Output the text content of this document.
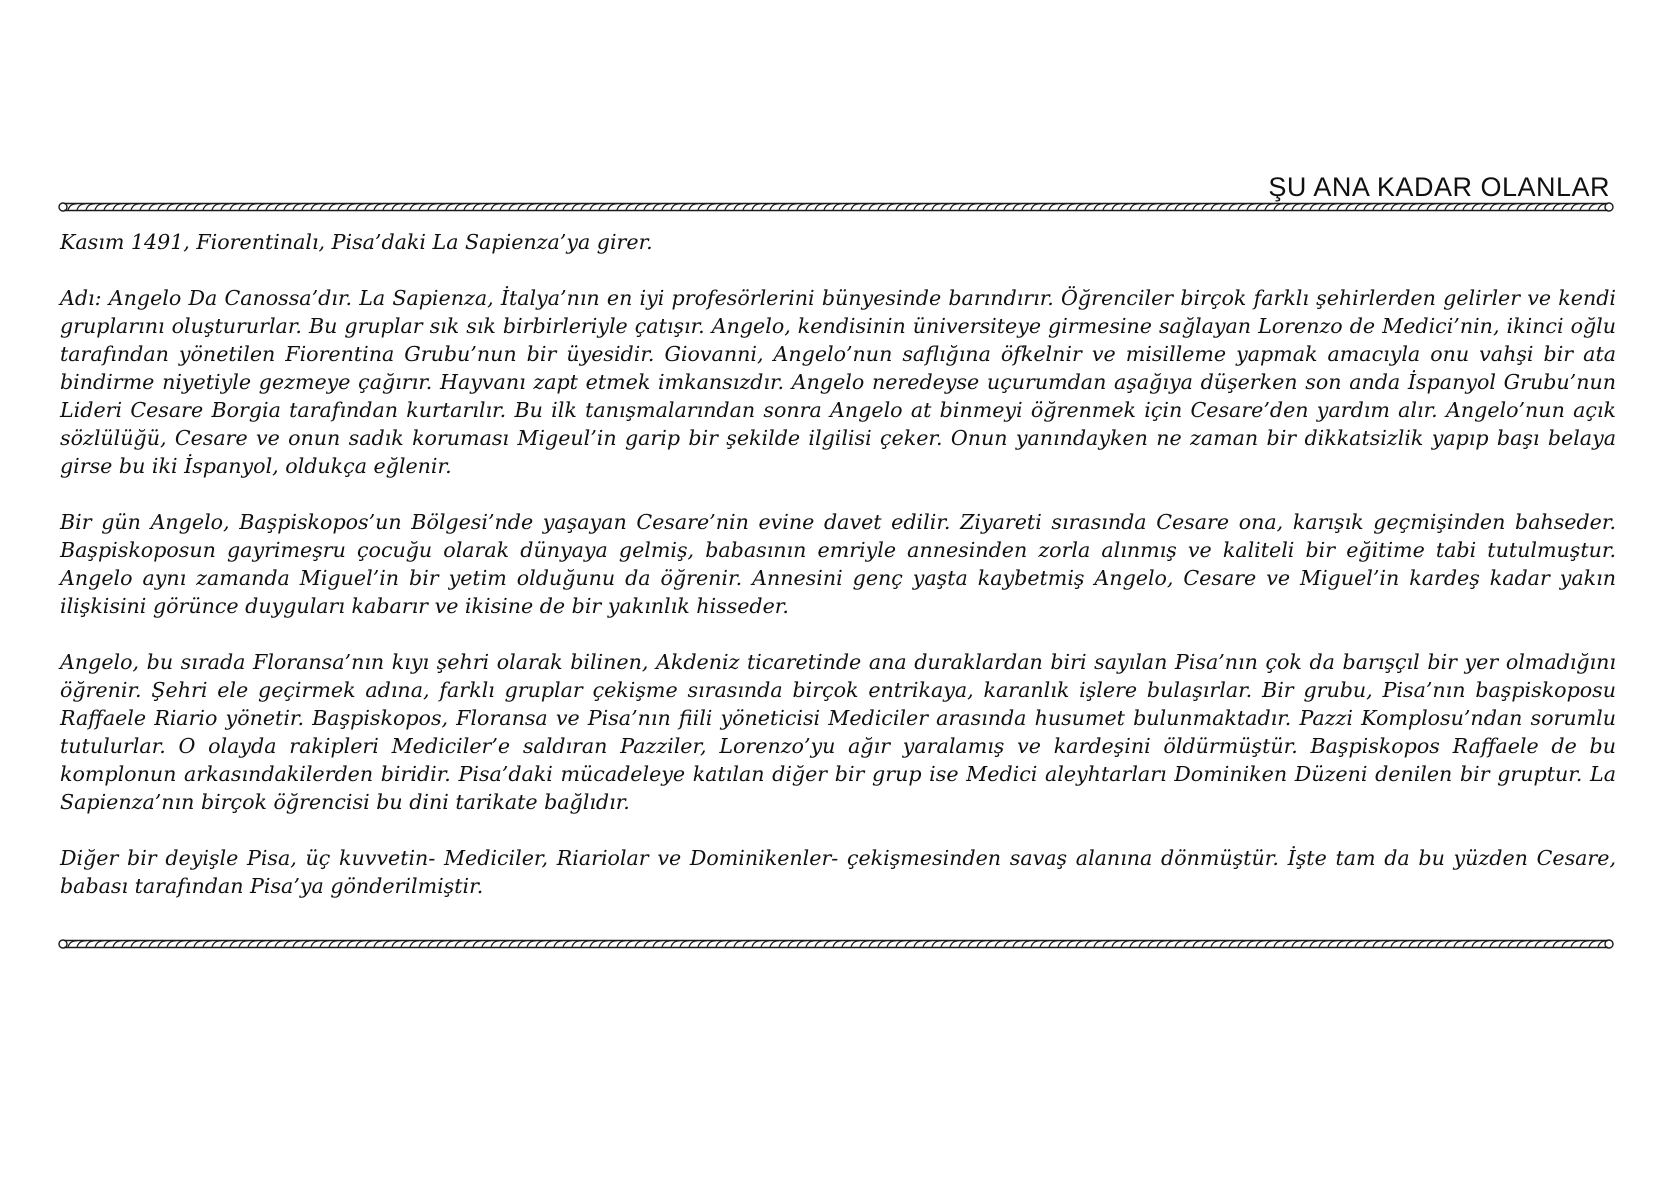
ŞU ANA KADAR OLANLAR

Kasım 1491, Fiorentinalı, Pisa’daki La Sapienza’ya girer.

Adı: Angelo Da Canossa’dır. La Sapienza, İtalya’nın en iyi profesörlerini bünyesinde barındırır. Öğrenciler birçok farklı şehirlerden gelirler ve kendi gruplarını oluştururlar. Bu gruplar sık sık birbirleriyle çatışır. Angelo, kendisinin üniversiteye girmesine sağlayan Lorenzo de Medici’nin, ikinci oğlu tarafından yönetilen Fiorentina Grubu’nun bir üyesidir. Giovanni, Angelo’nun saflığına öfkelnir ve misilleme yapmak amacıyla onu vahşi bir ata bindirme niyetiyle gezmeye çağırır. Hayvanı zapt etmek imkansızdır. Angelo neredeyse uçurumdan aşağıya düşerken son anda İspanyol Grubu’nun Lideri Cesare Borgia tarafından kurtarılır. Bu ilk tanışmalarından sonra Angelo at binmeyi öğrenmek için Cesare’den yardım alır. Angelo’nun açık sözlülüğü, Cesare ve onun sadık koruması Migeul’in garip bir şekilde ilgilisi çeker. Onun yanındayken ne zaman bir dikkatsizlik yapıp başı belaya girse bu iki İspanyol, oldukça eğlenir.

Bir gün Angelo, Başpiskopos’un Bölgesi’nde yaşayan Cesare’nin evine davet edilir. Ziyareti sırasında Cesare ona, karışık geçmişinden bahseder. Başpiskoposun gayrimeşru çocuğu olarak dünyaya gelmiş, babasının emriyle annesinden zorla alınmış ve kaliteli bir eğitime tabi tutulmuştur. Angelo aynı zamanda Miguel’in bir yetim olduğunu da öğrenir. Annesini genç yaşta kaybetmiş Angelo, Cesare ve Miguel’in kardeş kadar yakın ilişkisini görünce duyguları kabarır ve ikisine de bir yakınlık hisseder.

Angelo, bu sırada Floransa’nın kıyı şehri olarak bilinen, Akdeniz ticaretinde ana duraklardan biri sayılan Pisa’nın çok da barışçıl bir yer olmadığını öğrenir. Şehri ele geçirmek adına, farklı gruplar çekişme sırasında birçok entrikaya, karanlık işlere bulaşırlar. Bir grubu, Pisa’nın başpiskoposu Raffaele Riario yönetir. Başpiskopos, Floransa ve Pisa’nın fiili yöneticisi Mediciler arasında husumet bulunmaktadır. Pazzi Komplosu’ndan sorumlu tutulurlar. O olayda rakipleri Mediciler’e saldıran Pazziler, Lorenzo’yu ağır yaralamış ve kardeşini öldürmüştür. Başpiskopos Raffaele de bu komplonun arkasındakilerden biridir. Pisa’daki mücadeleye katılan diğer bir grup ise Medici aleyhtarları Dominiken Düzeni denilen bir gruptur. La Sapienza’nın birçok öğrencisi bu dini tarikate bağlıdır.

Diğer bir deyişle Pisa, üç kuvvetin- Mediciler, Riariolar ve Dominikenler- çekişmesinden savaş alanına dönmüştür. İşte tam da bu yüzden Cesare, babası tarafından Pisa’ya gönderilmiştir.
